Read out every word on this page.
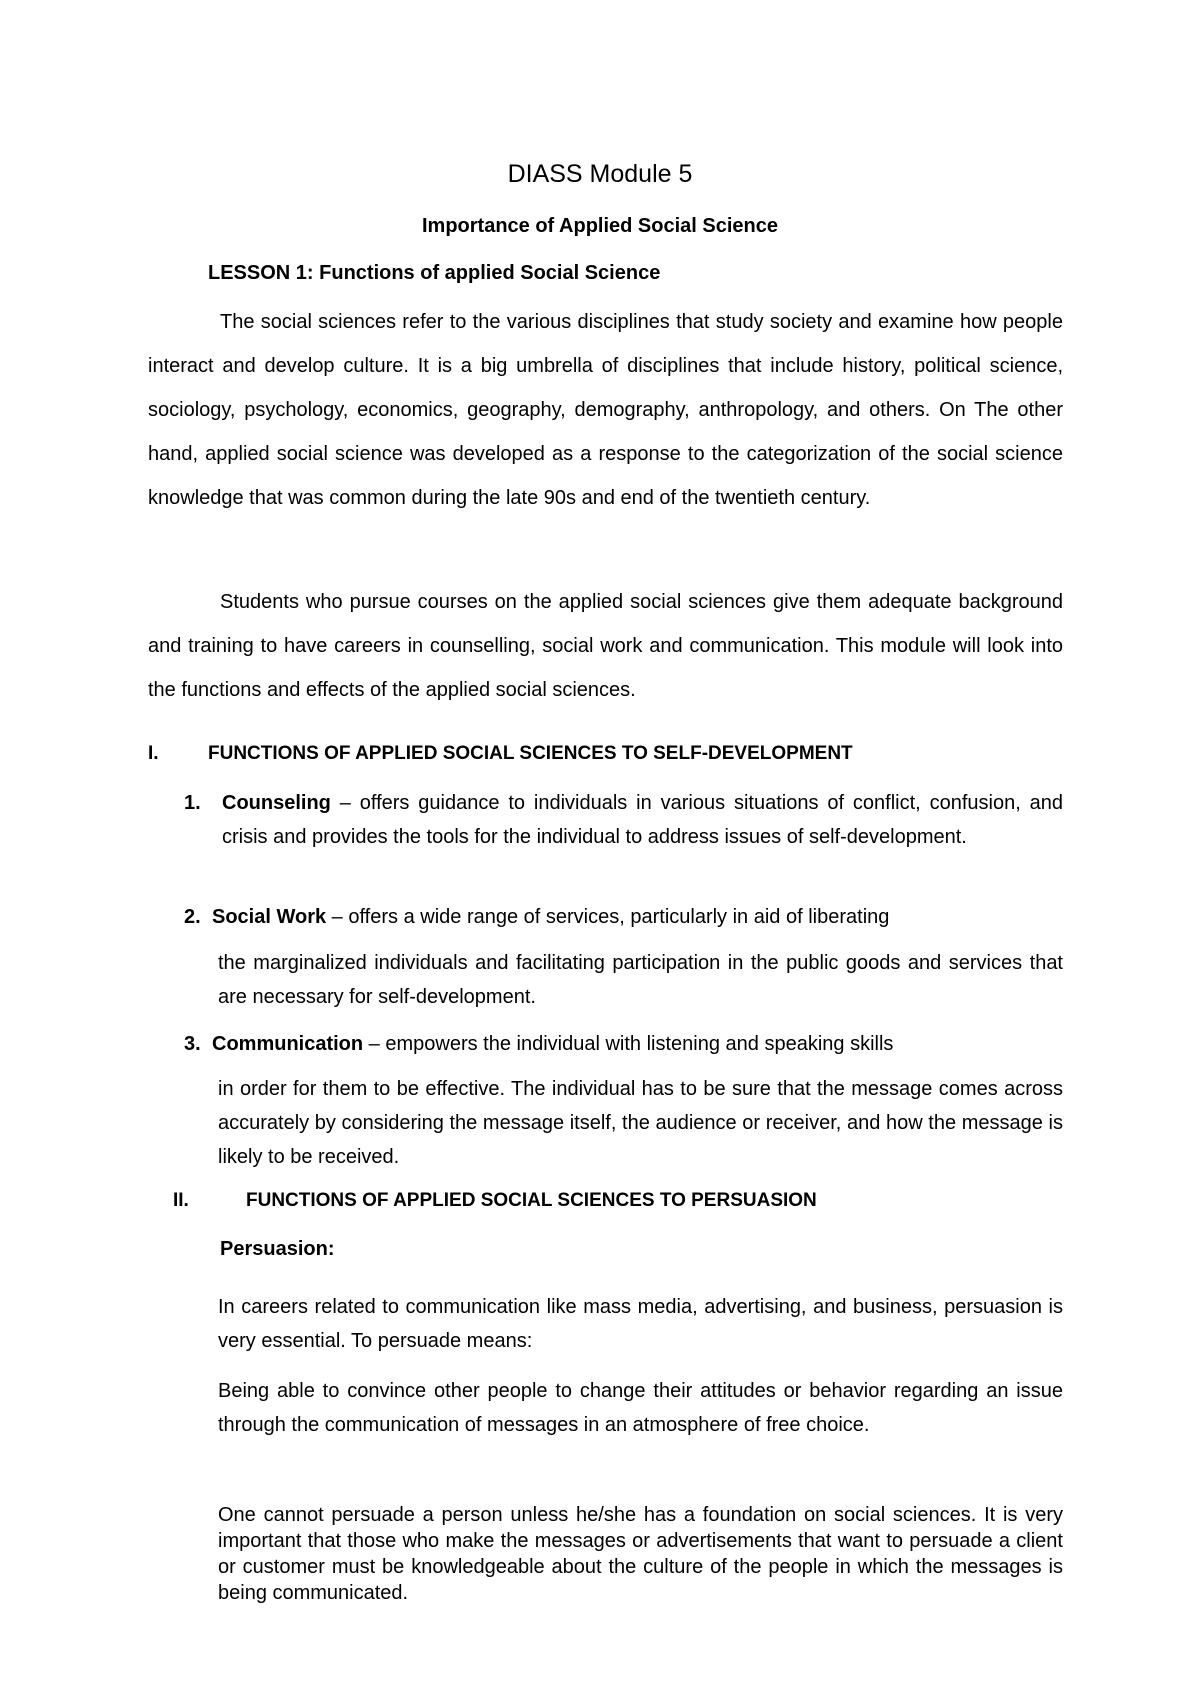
DIASS Module 5
Importance of Applied Social Science
LESSON 1: Functions of applied Social Science
The social sciences refer to the various disciplines that study society and examine how people interact and develop culture. It is a big umbrella of disciplines that include history, political science, sociology, psychology, economics, geography, demography, anthropology, and others. On The other hand, applied social science was developed as a response to the categorization of the social science knowledge that was common during the late 90s and end of the twentieth century.
Students who pursue courses on the applied social sciences give them adequate background and training to have careers in counselling, social work and communication. This module will look into the functions and effects of the applied social sciences.
I.	FUNCTIONS OF APPLIED SOCIAL SCIENCES TO SELF-DEVELOPMENT
1. Counseling – offers guidance to individuals in various situations of conflict, confusion, and crisis and provides the tools for the individual to address issues of self-development.
2. Social Work – offers a wide range of services, particularly in aid of liberating
the marginalized individuals and facilitating participation in the public goods and services that are necessary for self-development.
3. Communication – empowers the individual with listening and speaking skills
in order for them to be effective. The individual has to be sure that the message comes across accurately by considering the message itself, the audience or receiver, and how the message is likely to be received.
II.	FUNCTIONS OF APPLIED SOCIAL SCIENCES TO PERSUASION
Persuasion:
In careers related to communication like mass media, advertising, and business, persuasion is very essential. To persuade means:
Being able to convince other people to change their attitudes or behavior regarding an issue through the communication of messages in an atmosphere of free choice.
One cannot persuade a person unless he/she has a foundation on social sciences. It is very important that those who make the messages or advertisements that want to persuade a client or customer must be knowledgeable about the culture of the people in which the messages is being communicated.
